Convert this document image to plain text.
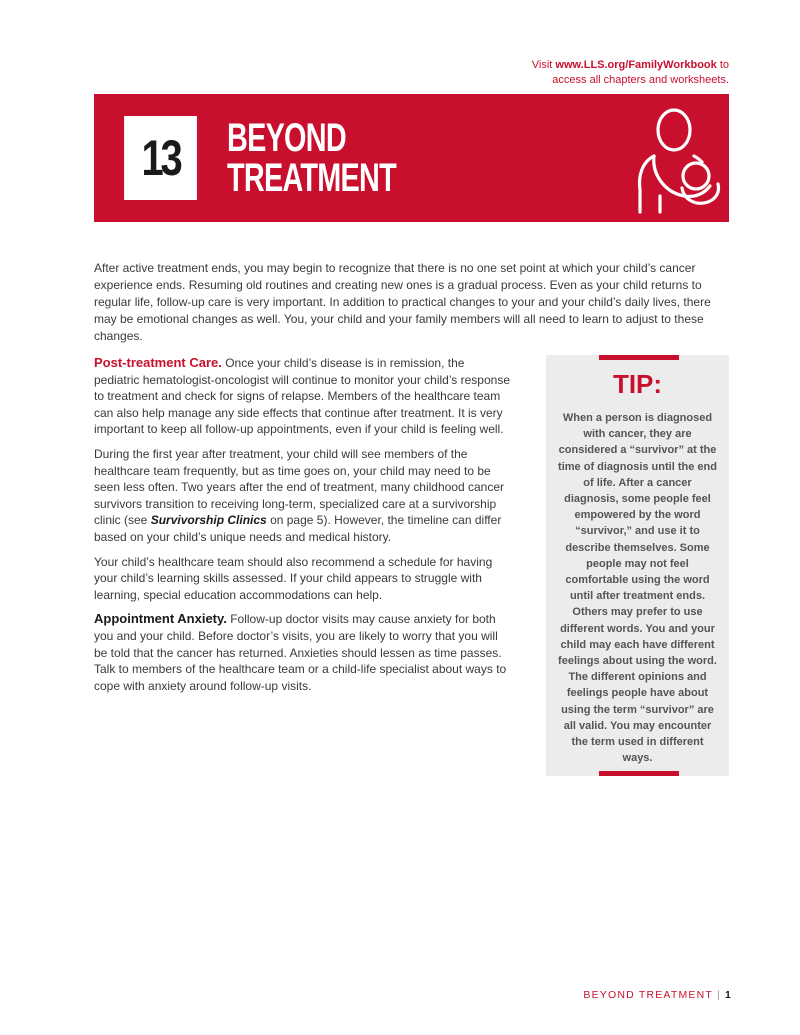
Visit www.LLS.org/FamilyWorkbook to
access all chapters and worksheets.
13	BEYOND
TREATMENT
After active treatment ends, you may begin to recognize that there is no one set point at which your child’s cancer experience ends. Resuming old routines and creating new ones is a gradual process. Even as your child returns to regular life, follow-up care is very important. In addition to practical changes to your and your child’s daily lives, there may be emotional changes as well. You, your child and your family members will all need to learn to adjust to these changes.

Post-treatment Care. Once your child’s disease is in remission, the pediatric hematologist-oncologist will continue to monitor your child’s response to treatment and check for signs of relapse. Members of the healthcare team can also help manage any side effects that continue after treatment. It is very important to keep all follow-up appointments, even if your child is feeling well.

During the first year after treatment, your child will see members of the healthcare team frequently, but as time goes on, your child may need to be seen less often. Two years after the end of treatment, many childhood cancer survivors transition to receiving long-term, specialized care at a survivorship clinic (see Survivorship Clinics on page 5). However, the timeline can differ based on your child’s unique needs and medical history.

Your child’s healthcare team should also recommend a schedule for having your child’s learning skills assessed. If your child appears to struggle with learning, special education accommodations can help.

Appointment Anxiety. Follow-up doctor visits may cause anxiety for both you and your child. Before doctor’s visits, you are likely to worry that you will be told that the cancer has returned. Anxieties should lessen as time passes. Talk to members of the healthcare team or a child-life specialist about ways to cope with anxiety around follow-up visits.

TIP:
When a person is diagnosed with cancer, they are considered a “survivor” at the time of diagnosis until the end of life. After a cancer diagnosis, some people feel empowered by the word “survivor,” and use it to describe themselves. Some people may not feel comfortable using the word until after treatment ends. Others may prefer to use different words. You and your child may each have different feelings about using the word. The different opinions and feelings people have about using the term “survivor” are all valid. You may encounter the term used in different ways.
BEYOND TREATMENT | 1
